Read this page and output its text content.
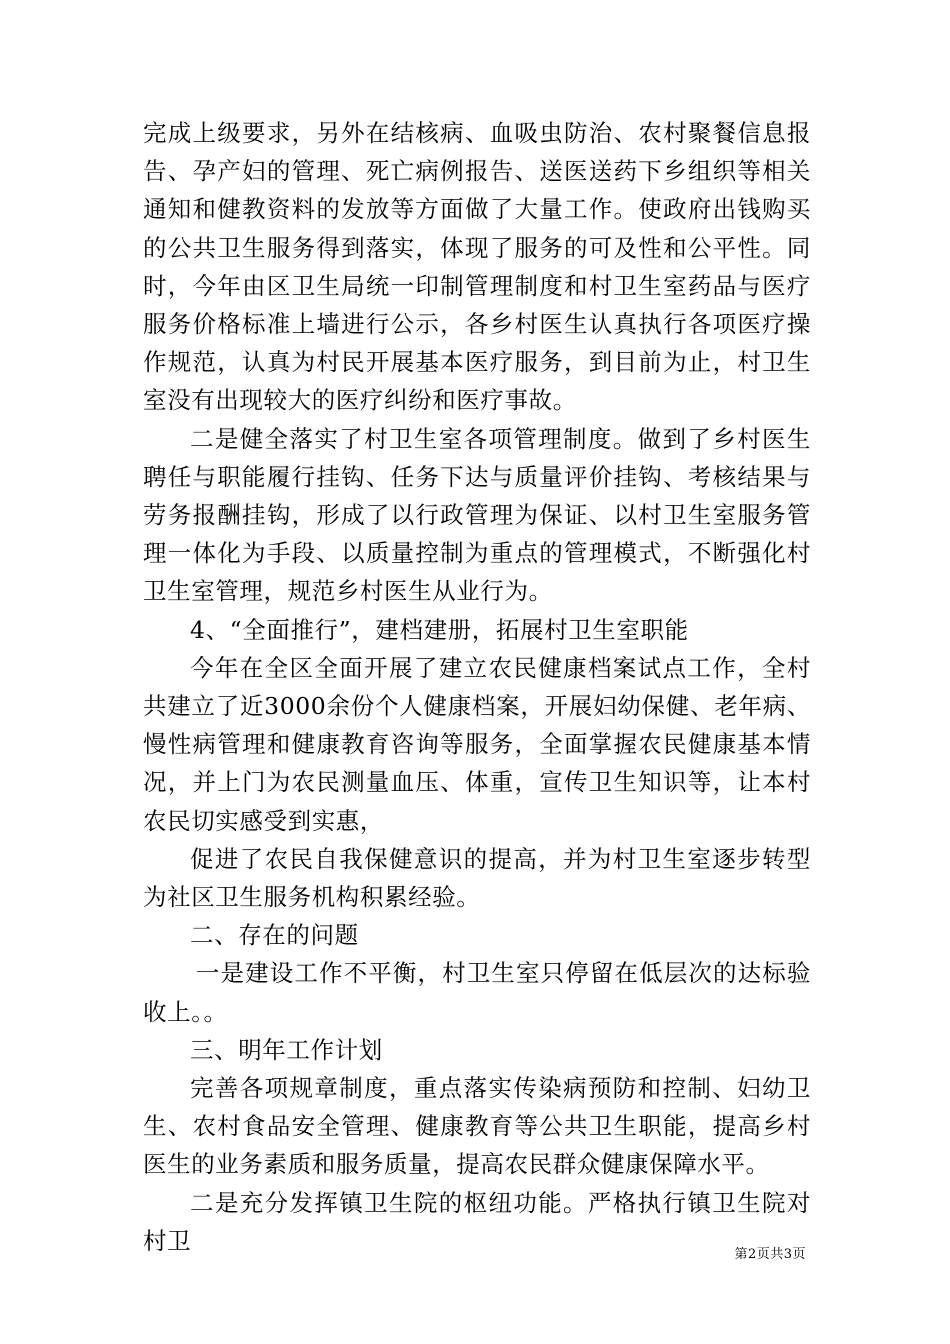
完成上级要求，另外在结核病、血吸虫防治、农村聚餐信息报告、孕产妇的管理、死亡病例报告、送医送药下乡组织等相关通知和健教资料的发放等方面做了大量工作。使政府出钱购买的公共卫生服务得到落实，体现了服务的可及性和公平性。同时，今年由区卫生局统一印制管理制度和村卫生室药品与医疗服务价格标准上墙进行公示，各乡村医生认真执行各项医疗操作规范，认真为村民开展基本医疗服务，到目前为止，村卫生室没有出现较大的医疗纠纷和医疗事故。

二是健全落实了村卫生室各项管理制度。做到了乡村医生聘任与职能履行挂钩、任务下达与质量评价挂钩、考核结果与劳务报酬挂钩，形成了以行政管理为保证、以村卫生室服务管理一体化为手段、以质量控制为重点的管理模式，不断强化村卫生室管理，规范乡村医生从业行为。

4、“全面推行”，建档建册，拓展村卫生室职能

今年在全区全面开展了建立农民健康档案试点工作，全村共建立了近3000余份个人健康档案，开展妇幼保健、老年病、慢性病管理和健康教育咨询等服务，全面掌握农民健康基本情况，并上门为农民测量血压、体重，宣传卫生知识等，让本村农民切实感受到实惠，

促进了农民自我保健意识的提高，并为村卫生室逐步转型为社区卫生服务机构积累经验。

二、存在的问题

一是建设工作不平衡，村卫生室只停留在低层次的达标验收上。。

三、明年工作计划

完善各项规章制度，重点落实传染病预防和控制、妇幼卫生、农村食品安全管理、健康教育等公共卫生职能，提高乡村医生的业务素质和服务质量，提高农民群众健康保障水平。

二是充分发挥镇卫生院的枢纽功能。严格执行镇卫生院对村卫	第2页共3页
